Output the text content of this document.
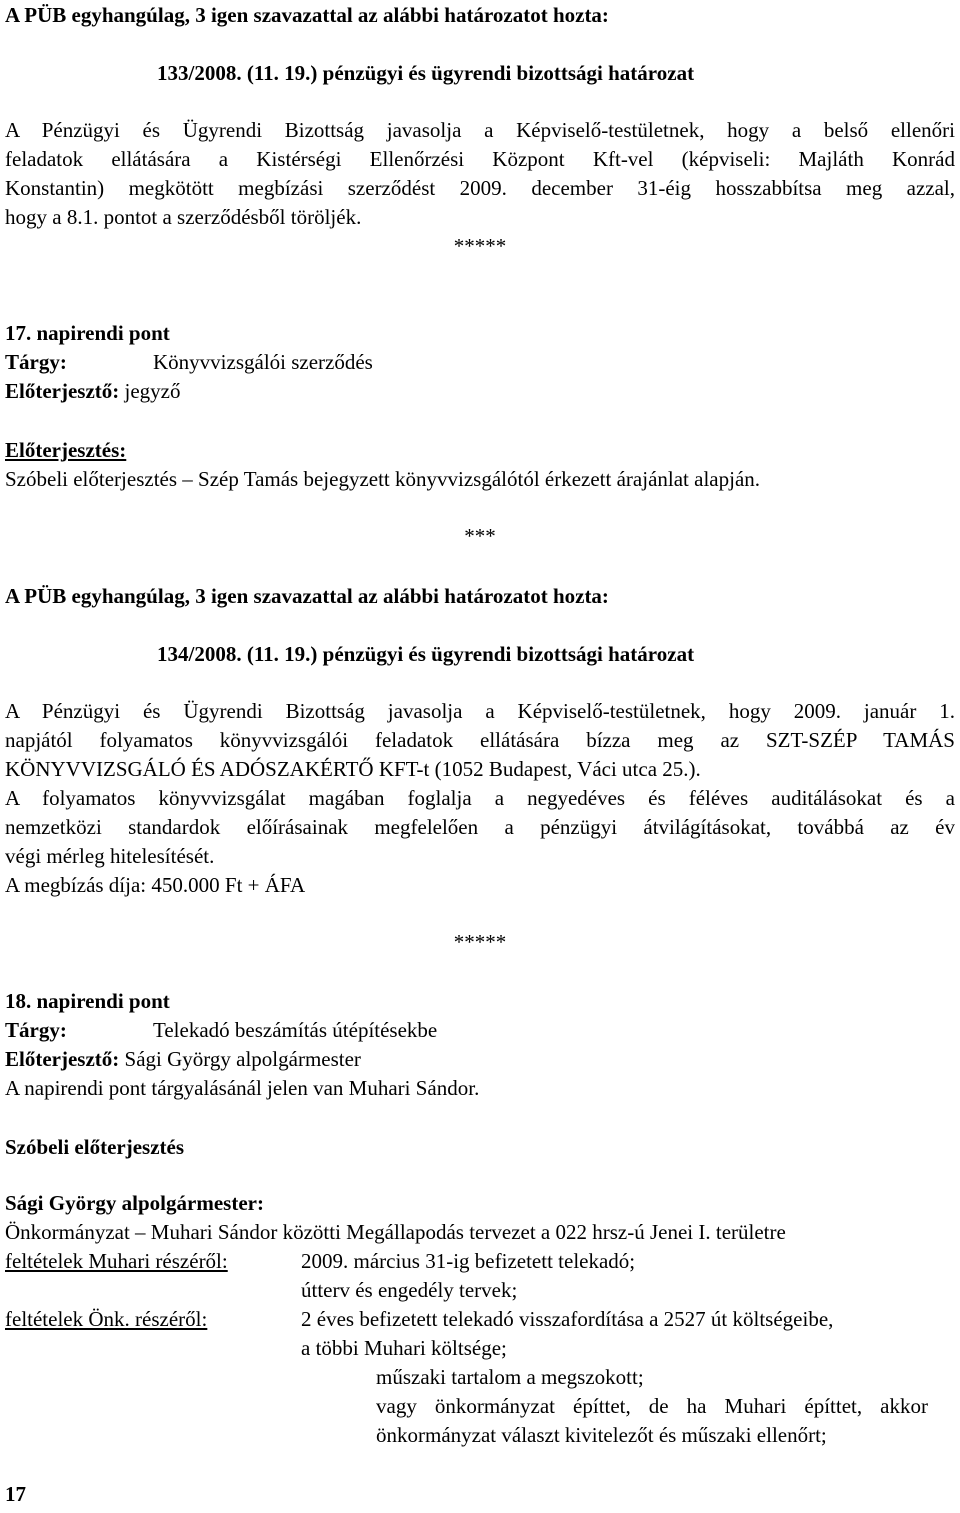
A PÜB egyhangúlag, 3 igen szavazattal az alábbi határozatot hozta:
133/2008. (11. 19.) pénzügyi és ügyrendi bizottsági határozat
A Pénzügyi és Ügyrendi Bizottság javasolja a Képviselő-testületnek, hogy a belső ellenőri
feladatok ellátására a Kistérségi Ellenőrzési Központ Kft-vel (képviseli: Majláth Konrád
Konstantin) megkötött megbízási szerződést 2009. december 31-éig hosszabbítsa meg azzal,
hogy a 8.1. pontot a szerződésből töröljék.
*****
17. napirendi pont
Tárgy:	Könyvvizsgálói szerződés
Előterjesztő: jegyző
Előterjesztés:
Szóbeli előterjesztés – Szép Tamás bejegyzett könyvvizsgálótól érkezett árajánlat alapján.
***
A PÜB egyhangúlag, 3 igen szavazattal az alábbi határozatot hozta:
134/2008. (11. 19.) pénzügyi és ügyrendi bizottsági határozat
A Pénzügyi és Ügyrendi Bizottság javasolja a Képviselő-testületnek, hogy 2009. január 1.
napjától folyamatos könyvvizsgálói feladatok ellátására bízza meg az SZT-SZÉP TAMÁS
KÖNYVVIZSGÁLÓ ÉS ADÓSZAKÉRTŐ KFT-t (1052 Budapest, Váci utca 25.).
A folyamatos könyvvizsgálat magában foglalja a negyedéves és féléves auditálásokat és a
nemzetközi standardok előírásainak megfelelően a pénzügyi átvilágításokat, továbbá az év
végi mérleg hitelesítését.
A megbízás díja: 450.000 Ft + ÁFA
*****
18. napirendi pont
Tárgy:	Telekadó beszámítás útépítésekbe
Előterjesztő: Sági György alpolgármester
A napirendi pont tárgyalásánál jelen van Muhari Sándor.
Szóbeli előterjesztés
Sági György alpolgármester:
Önkormányzat – Muhari Sándor közötti Megállapodás tervezet a 022 hrsz-ú Jenei I. területre
feltételek Muhari részéről:	2009. március 31-ig befizetett telekadó;
útterv és engedély tervek;
feltételek Önk. részéről:	2 éves befizetett telekadó visszafordítása a 2527 út költségeibe,
a többi Muhari költsége;
műszaki tartalom a megszokott;
vagy önkormányzat építtet, de ha Muhari építtet, akkor
önkormányzat választ kivitelezőt és műszaki ellenőrt;
17
